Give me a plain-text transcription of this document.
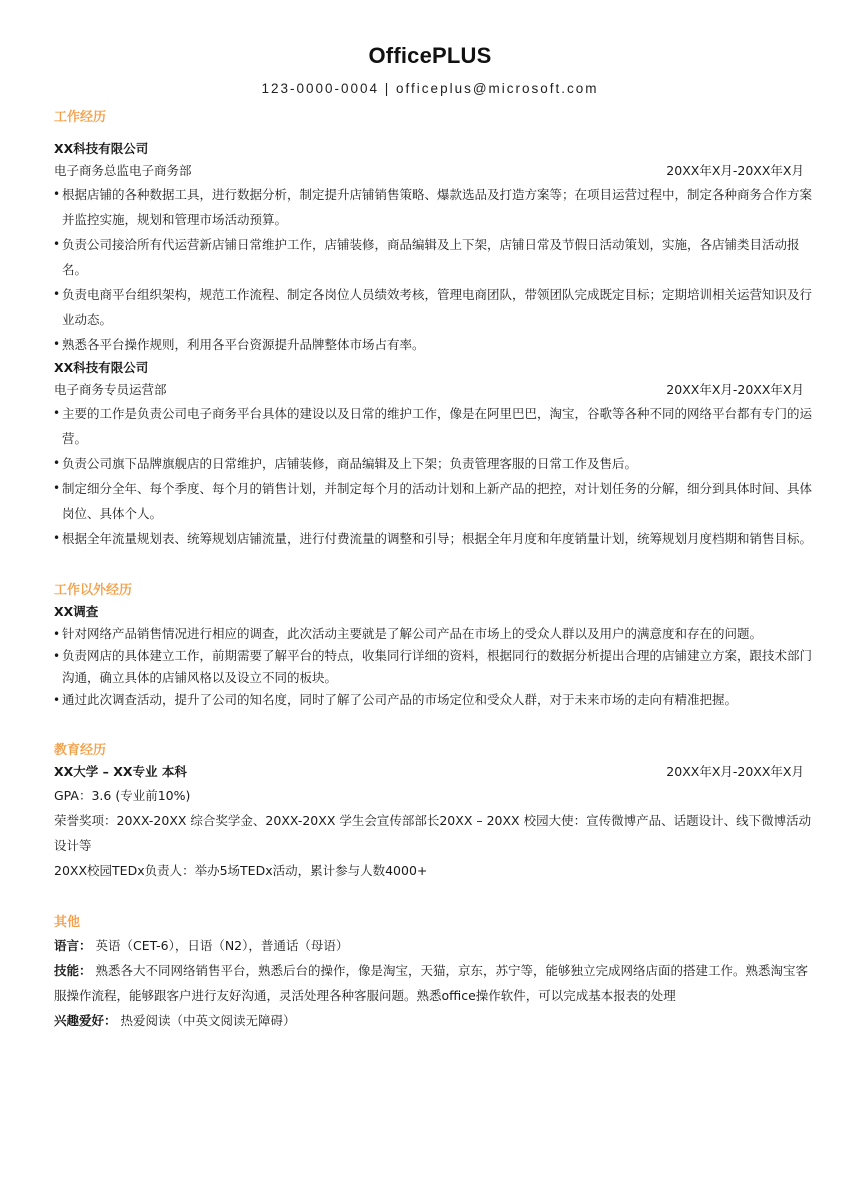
OfficePLUS
123-0000-0004 | officeplus@microsoft.com
工作经历
XX科技有限公司
电子商务总监电子商务部	20XX年X月-20XX年X月
• 根据店铺的各种数据工具，进行数据分析，制定提升店铺销售策略、爆款选品及打造方案等；在项目运营过程中，制定各种商务合作方案并监控实施，规划和管理市场活动预算。
• 负责公司接洽所有代运营新店铺日常维护工作，店铺装修，商品编辑及上下架，店铺日常及节假日活动策划，实施，各店铺类目活动报名。
• 负责电商平台组织架构，规范工作流程、制定各岗位人员绩效考核，管理电商团队，带领团队完成既定目标；定期培训相关运营知识及行业动态。
• 熟悉各平台操作规则，利用各平台资源提升品牌整体市场占有率。
XX科技有限公司
电子商务专员运营部	20XX年X月-20XX年X月
• 主要的工作是负责公司电子商务平台具体的建设以及日常的维护工作，像是在阿里巴巴，淘宝，谷歌等各种不同的网络平台都有专门的运营。
• 负责公司旗下品牌旗舰店的日常维护，店铺装修，商品编辑及上下架；负责管理客服的日常工作及售后。
• 制定细分全年、每个季度、每个月的销售计划，并制定每个月的活动计划和上新产品的把控，对计划任务的分解，细分到具体时间、具体岗位、具体个人。
• 根据全年流量规划表、统筹规划店铺流量，进行付费流量的调整和引导；根据全年月度和年度销量计划，统筹规划月度档期和销售目标。
工作以外经历
XX调查
• 针对网络产品销售情况进行相应的调查，此次活动主要就是了解公司产品在市场上的受众人群以及用户的满意度和存在的问题。
• 负责网店的具体建立工作，前期需要了解平台的特点，收集同行详细的资料，根据同行的数据分析提出合理的店铺建立方案，跟技术部门沟通，确立具体的店铺风格以及设立不同的板块。
• 通过此次调查活动，提升了公司的知名度，同时了解了公司产品的市场定位和受众人群，对于未来市场的走向有精准把握。
教育经历
XX大学 – XX专业 本科	20XX年X月-20XX年X月
GPA：3.6 (专业前10%)
荣誉奖项：20XX-20XX 综合奖学金、20XX-20XX 学生会宣传部部长20XX – 20XX 校园大使：宣传微博产品、话题设计、线下微博活动设计等
20XX校园TEDx负责人：举办5场TEDx活动，累计参与人数4000+
其他
语言： 英语（CET-6），日语（N2），普通话（母语）
技能： 熟悉各大不同网络销售平台，熟悉后台的操作，像是淘宝，天猫，京东，苏宁等，能够独立完成网络店面的搭建工作。熟悉淘宝客服操作流程，能够跟客户进行友好沟通，灵活处理各种客服问题。熟悉office操作软件，可以完成基本报表的处理
兴趣爱好： 热爱阅读（中英文阅读无障碍）
